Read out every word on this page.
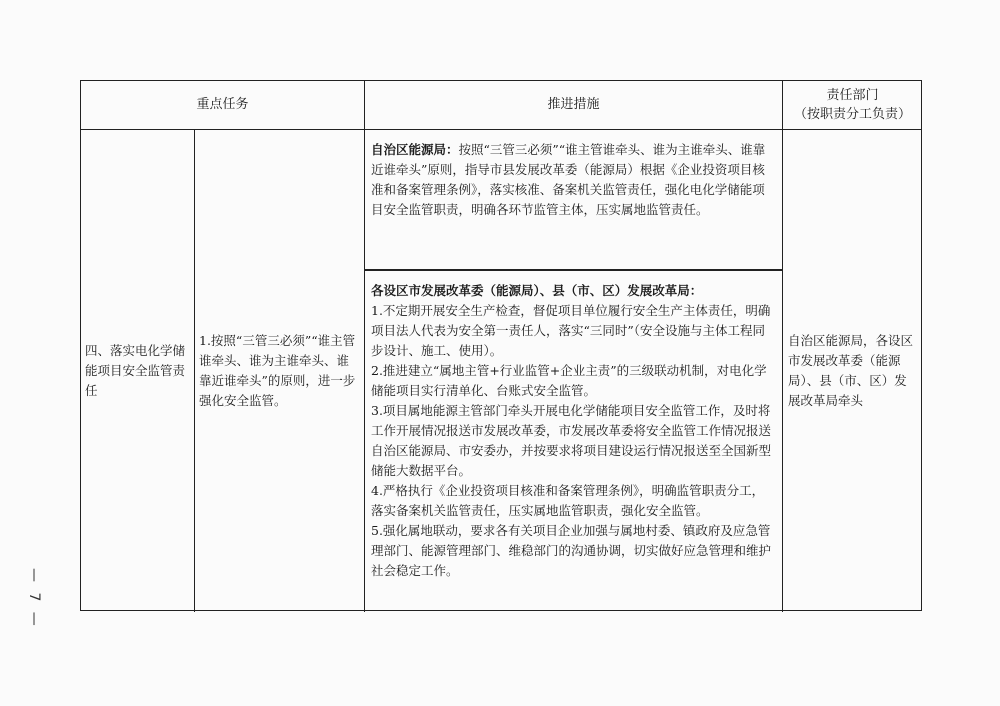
— 7 —
重点任务	推进措施
责任部门
（按职责分工负责）
四、落实电化学储能项目安全监管责任
1.按照“三管三必须”“谁主管谁牵头、谁为主谁牵头、谁靠近谁牵头”的原则，进一步强化安全监管。

自治区能源局：按照“三管三必须”“谁主管谁牵头、谁为主谁牵头、谁靠近谁牵头”原则，指导市县发展改革委（能源局）根据《企业投资项目核准和备案管理条例》，落实核准、备案机关监管责任，强化电化学储能项目安全监管职责，明确各环节监管主体，压实属地监管责任。

各设区市发展改革委（能源局）、县（市、区）发展改革局：

1.不定期开展安全生产检查，督促项目单位履行安全生产主体责任，明确项目法人代表为安全第一责任人，落实“三同时”（安全设施与主体工程同步设计、施工、使用）。

2.推进建立“属地主管+行业监管+企业主责”的三级联动机制，对电化学储能项目实行清单化、台账式安全监管。

3.项目属地能源主管部门牵头开展电化学储能项目安全监管工作，及时将工作开展情况报送市发展改革委，市发展改革委将安全监管工作情况报送自治区能源局、市安委办，并按要求将项目建设运行情况报送至全国新型储能大数据平台。

4.严格执行《企业投资项目核准和备案管理条例》，明确监管职责分工，落实备案机关监管责任，压实属地监管职责，强化安全监管。

5.强化属地联动，要求各有关项目企业加强与属地村委、镇政府及应急管理部门、能源管理部门、维稳部门的沟通协调，切实做好应急管理和维护社会稳定工作。

自治区能源局，各设区市发展改革委（能源局）、县（市、区）发展改革局牵头
